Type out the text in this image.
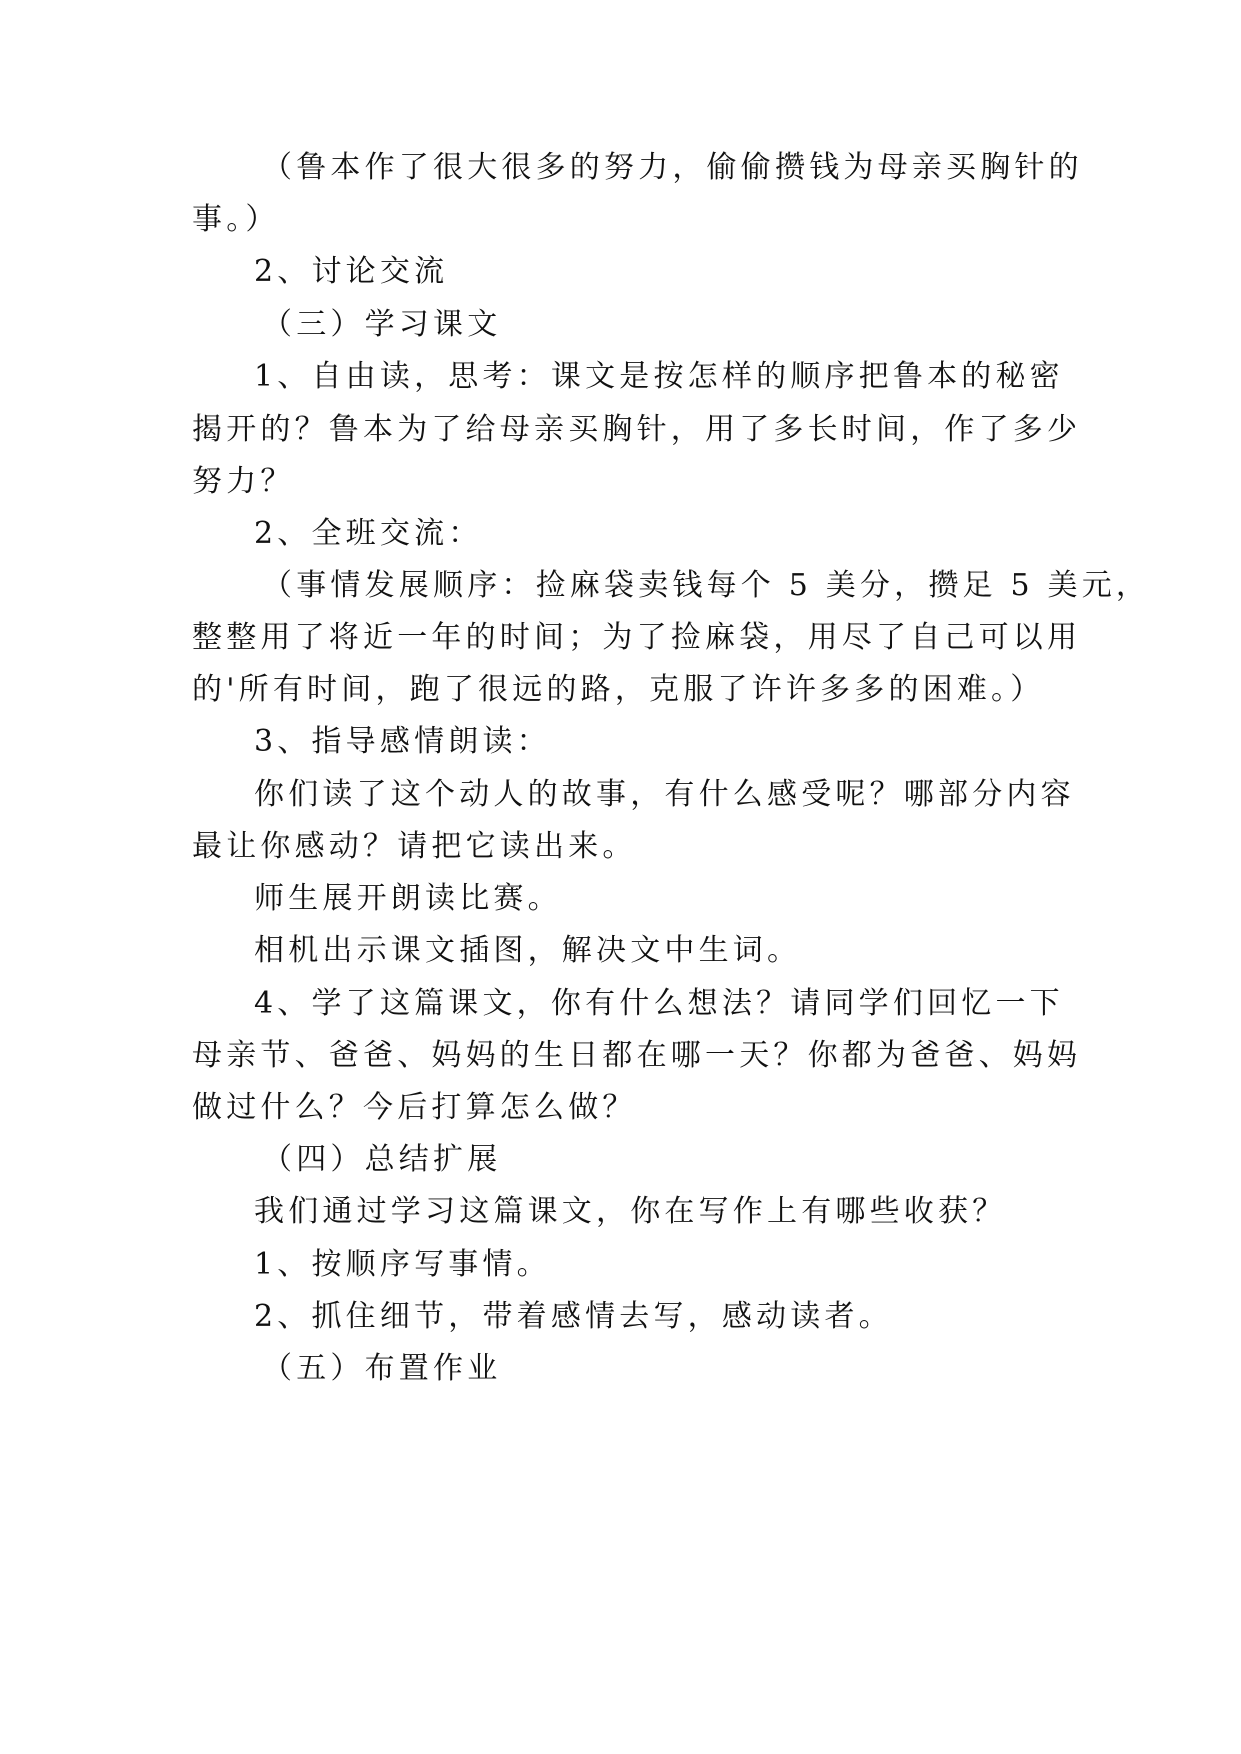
（鲁本作了很大很多的努力，偷偷攒钱为母亲买胸针的
事。）
2、讨论交流
（三）学习课文
1、自由读，思考：课文是按怎样的顺序把鲁本的秘密
揭开的？鲁本为了给母亲买胸针，用了多长时间，作了多少
努力？
2、全班交流：
（事情发展顺序：捡麻袋卖钱每个 5 美分，攒足 5 美元，
整整用了将近一年的时间；为了捡麻袋，用尽了自己可以用
的'所有时间，跑了很远的路，克服了许许多多的困难。）
3、指导感情朗读：
你们读了这个动人的故事，有什么感受呢？哪部分内容
最让你感动？请把它读出来。
师生展开朗读比赛。
相机出示课文插图，解决文中生词。
4、学了这篇课文，你有什么想法？请同学们回忆一下
母亲节、爸爸、妈妈的生日都在哪一天？你都为爸爸、妈妈
做过什么？今后打算怎么做？
（四）总结扩展
我们通过学习这篇课文，你在写作上有哪些收获？
1、按顺序写事情。
2、抓住细节，带着感情去写，感动读者。
（五）布置作业
